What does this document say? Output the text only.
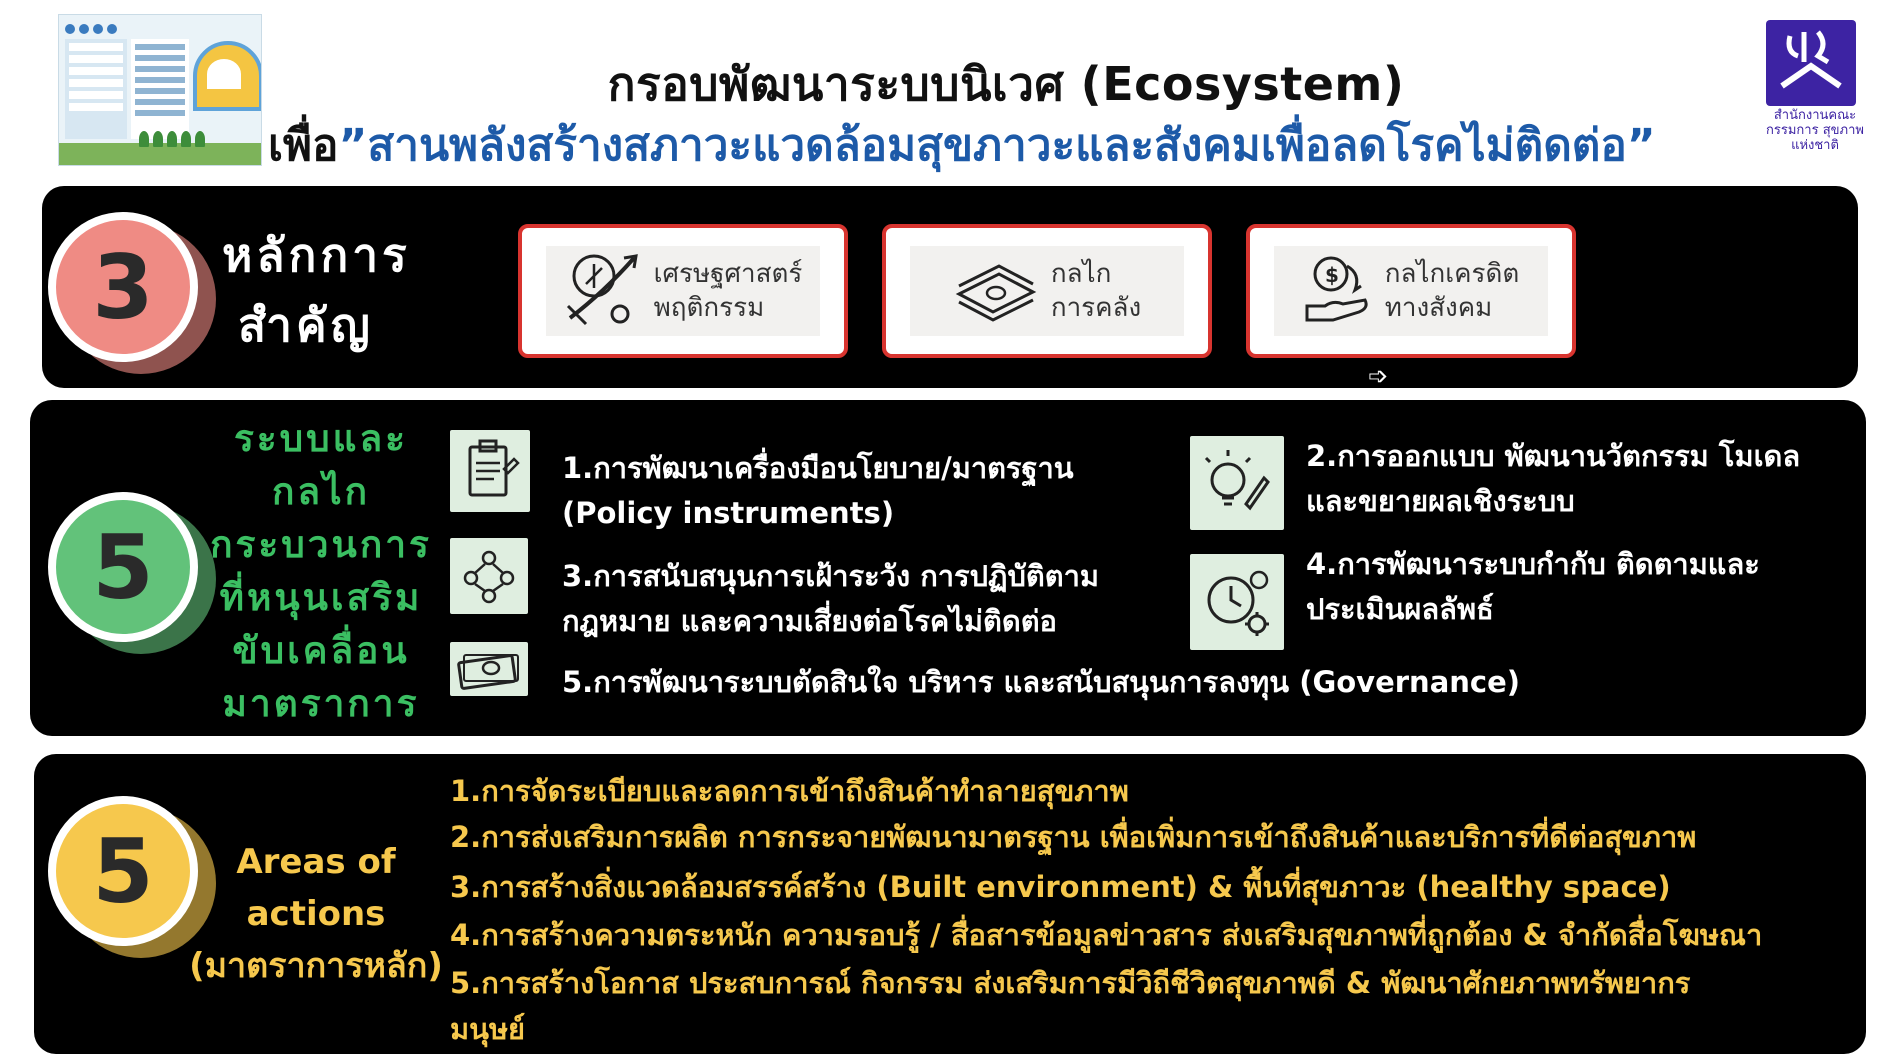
กรอบพัฒนาระบบนิเวศ (Ecosystem)
เพื่อ”สานพลังสร้างสภาวะแวดล้อมสุขภาวะและสังคมเพื่อลดโรคไม่ติดต่อ”
สำนักงานคณะกรรมการ สุขภาพแห่งชาติ
3	หลักการ
สำคัญ
เศรษฐศาสตร์
พฤติกรรม
กลไก
การคลัง
$ กลไกเครดิต
ทางสังคม
➩
5
ระบบและ
กลไก
กระบวนการ
ที่หนุนเสริม
ขับเคลื่อน
มาตราการ
1.การพัฒนาเครื่องมือนโยบาย/มาตรฐาน
(Policy instruments)
2.การออกแบบ พัฒนานวัตกรรม โมเดล
และขยายผลเชิงระบบ
3.การสนับสนุนการเฝ้าระวัง การปฏิบัติตาม
กฎหมาย และความเสี่ยงต่อโรคไม่ติดต่อ
4.การพัฒนาระบบกำกับ ติดตามและ
ประเมินผลลัพธ์
5.การพัฒนาระบบตัดสินใจ บริหาร และสนับสนุนการลงทุน (Governance)
5	Areas of
actions
(มาตราการหลัก)
1.การจัดระเบียบและลดการเข้าถึงสินค้าทำลายสุขภาพ
2.การส่งเสริมการผลิต การกระจายพัฒนามาตรฐาน เพื่อเพิ่มการเข้าถึงสินค้าและบริการที่ดีต่อสุขภาพ
3.การสร้างสิ่งแวดล้อมสรรค์สร้าง (Built environment) & พื้นที่สุขภาวะ (healthy space)
4.การสร้างความตระหนัก ความรอบรู้ / สื่อสารข้อมูลข่าวสาร ส่งเสริมสุขภาพที่ถูกต้อง & จำกัดสื่อโฆษณา
5.การสร้างโอกาส ประสบการณ์ กิจกรรม ส่งเสริมการมีวิถีชีวิตสุขภาพดี & พัฒนาศักยภาพทรัพยากร
มนุษย์
